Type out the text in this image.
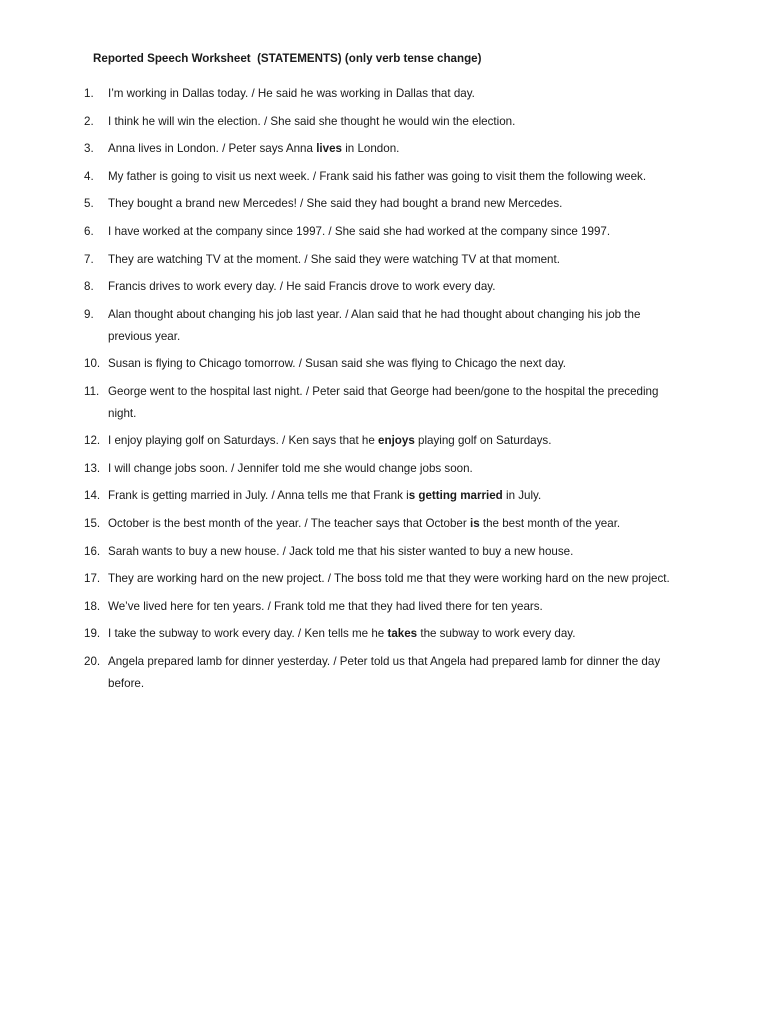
Reported Speech Worksheet  (STATEMENTS) (only verb tense change)
1.	I’m working in Dallas today. / He said he was working in Dallas that day.
2.	I think he will win the election. / She said she thought he would win the election.
3.	Anna lives in London. / Peter says Anna lives in London.
4.	My father is going to visit us next week. / Frank said his father was going to visit them the following week.
5.	They bought a brand new Mercedes! / She said they had bought a brand new Mercedes.
6.	I have worked at the company since 1997. / She said she had worked at the company since 1997.
7.	They are watching TV at the moment. / She said they were watching TV at that moment.
8.	Francis drives to work every day. / He said Francis drove to work every day.
9.	Alan thought about changing his job last year. / Alan said that he had thought about changing his job the previous year.
10. Susan is flying to Chicago tomorrow. / Susan said she was flying to Chicago the next day.
11. George went to the hospital last night. / Peter said that George had been/gone to the hospital the preceding night.
12. I enjoy playing golf on Saturdays. / Ken says that he enjoys playing golf on Saturdays.
13. I will change jobs soon. / Jennifer told me she would change jobs soon.
14. Frank is getting married in July. / Anna tells me that Frank is getting married in July.
15. October is the best month of the year. / The teacher says that October is the best month of the year.
16. Sarah wants to buy a new house. / Jack told me that his sister wanted to buy a new house.
17. They are working hard on the new project. / The boss told me that they were working hard on the new project.
18. We’ve lived here for ten years. / Frank told me that they had lived there for ten years.
19. I take the subway to work every day. / Ken tells me he takes the subway to work every day.
20. Angela prepared lamb for dinner yesterday. / Peter told us that Angela had prepared lamb for dinner the day before.
